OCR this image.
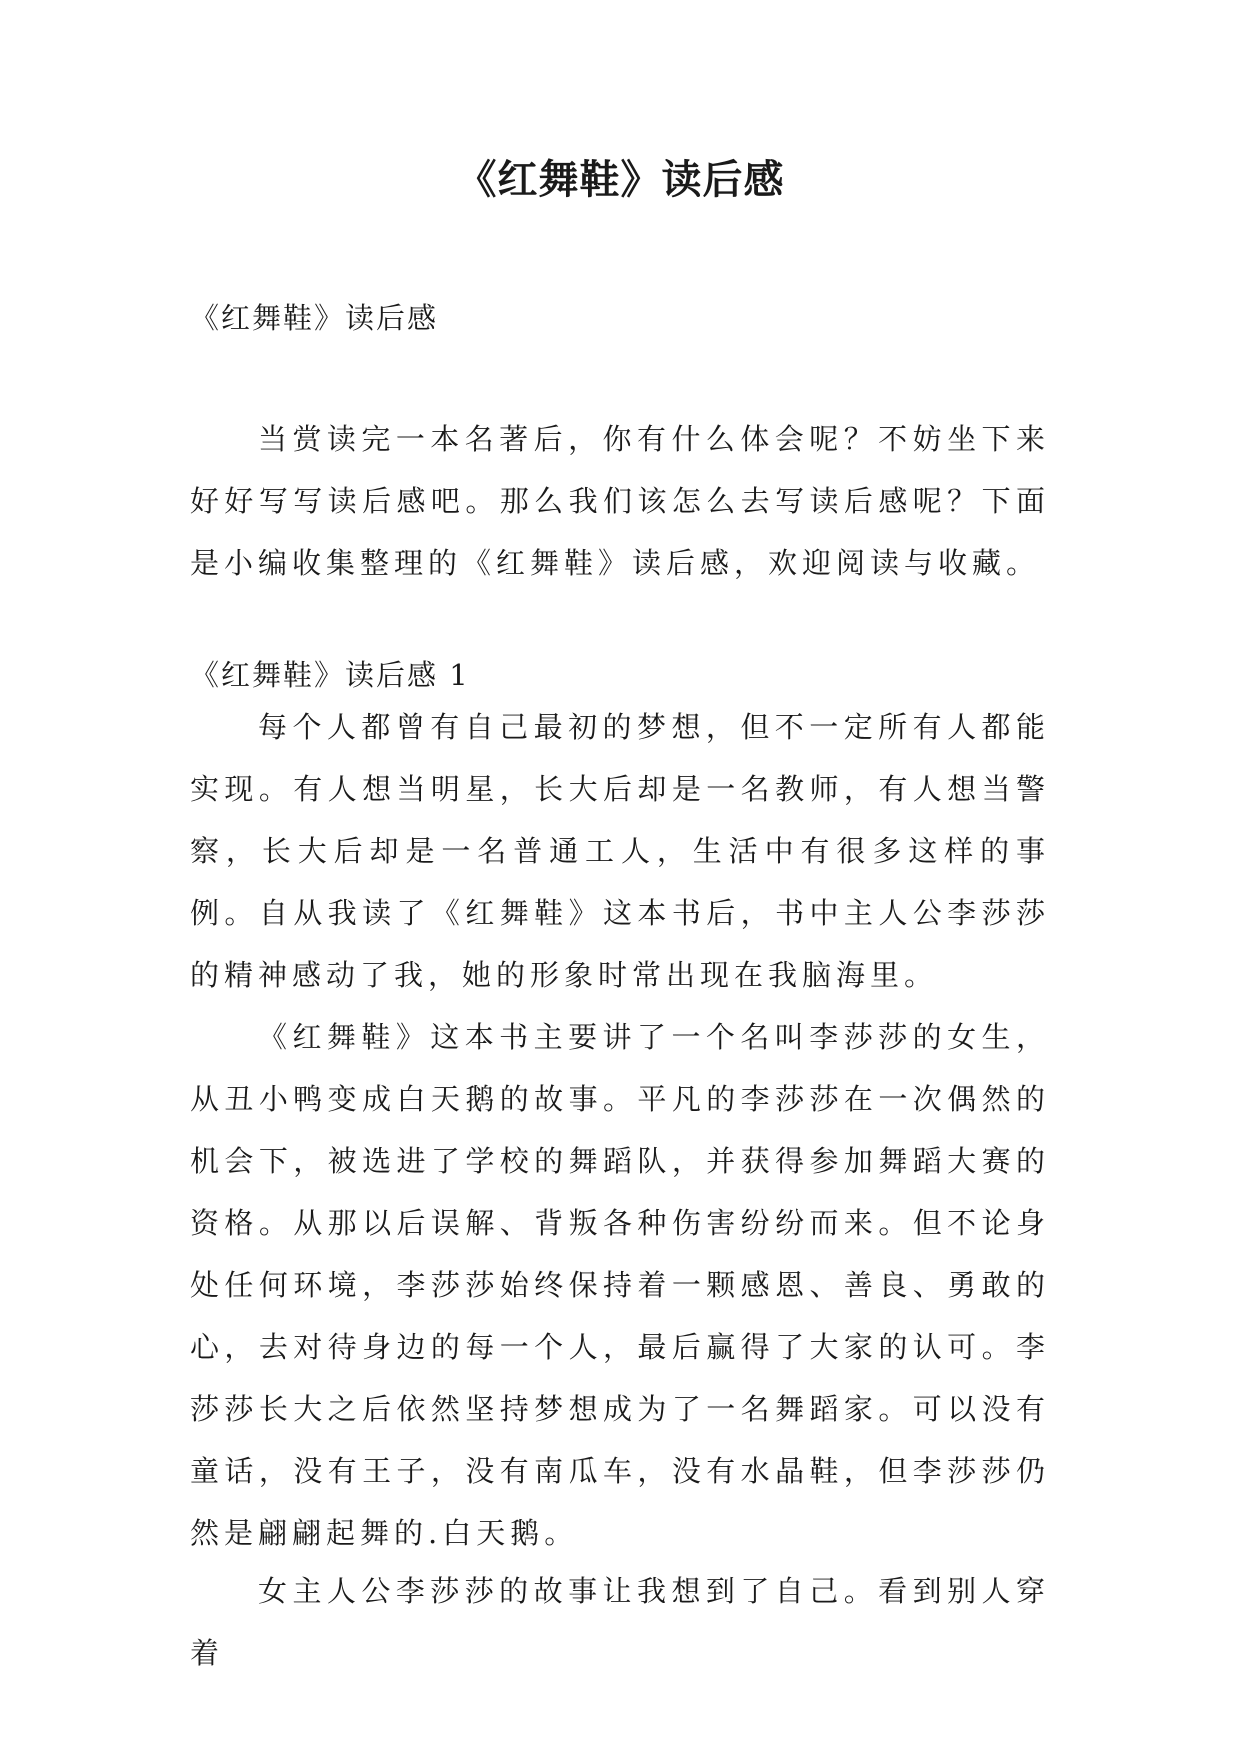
《红舞鞋》读后感

《红舞鞋》读后感

当赏读完一本名著后，你有什么体会呢？不妨坐下来好好写写读后感吧。那么我们该怎么去写读后感呢？下面是小编收集整理的《红舞鞋》读后感，欢迎阅读与收藏。

《红舞鞋》读后感 1

每个人都曾有自己最初的梦想，但不一定所有人都能实现。有人想当明星，长大后却是一名教师，有人想当警察，长大后却是一名普通工人，生活中有很多这样的事例。自从我读了《红舞鞋》这本书后，书中主人公李莎莎的精神感动了我，她的形象时常出现在我脑海里。

《红舞鞋》这本书主要讲了一个名叫李莎莎的女生，从丑小鸭变成白天鹅的故事。平凡的李莎莎在一次偶然的机会下，被选进了学校的舞蹈队，并获得参加舞蹈大赛的资格。从那以后误解、背叛各种伤害纷纷而来。但不论身处任何环境，李莎莎始终保持着一颗感恩、善良、勇敢的心，去对待身边的每一个人，最后赢得了大家的认可。李莎莎长大之后依然坚持梦想成为了一名舞蹈家。可以没有童话，没有王子，没有南瓜车，没有水晶鞋，但李莎莎仍然是翩翩起舞的.白天鹅。

女主人公李莎莎的故事让我想到了自己。看到别人穿着
